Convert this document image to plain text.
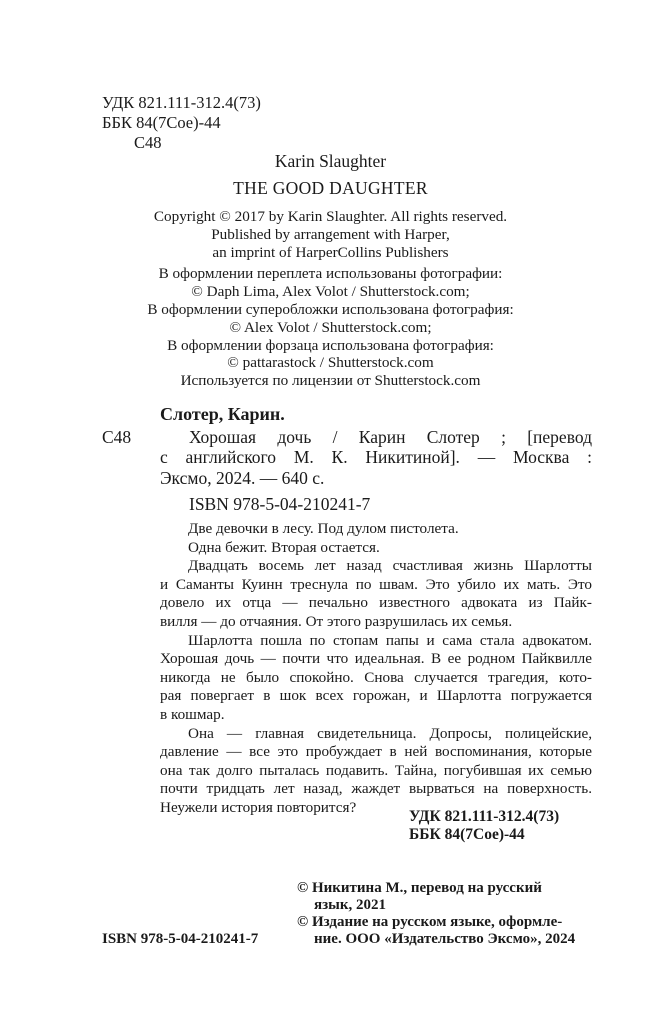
УДК 821.111-312.4(73)
ББК 84(7Сое)-44
С48
Karin Slaughter
THE GOOD DAUGHTER
Copyright © 2017 by Karin Slaughter. All rights reserved.
Published by arrangement with Harper,
an imprint of HarperCollins Publishers
В оформлении переплета использованы фотографии:
© Daph Lima, Alex Volot / Shutterstock.com;
В оформлении суперобложки использована фотография:
© Alex Volot / Shutterstock.com;
В оформлении форзаца использована фотография:
© pattarastock / Shutterstock.com
Используется по лицензии от Shutterstock.com
Слотер, Карин.
С48	Хорошая дочь / Карин Слотер ; [перевод
с английского М. К. Никитиной]. — Москва :
Эксмо, 2024. — 640 с.
ISBN 978-5-04-210241-7

Две девочки в лесу. Под дулом пистолета.

Одна бежит. Вторая остается.

Двадцать восемь лет назад счастливая жизнь Шарлотты

и Саманты Куинн треснула по швам. Это убило их мать. Это

довело их отца — печально известного адвоката из Пайк-

вилля — до отчаяния. От этого разрушилась их семья.

Шарлотта пошла по стопам папы и сама стала адвокатом.

Хорошая дочь — почти что идеальная. В ее родном Пайквилле

никогда не было спокойно. Снова случается трагедия, кото-

рая повергает в шок всех горожан, и Шарлотта погружается

в кошмар.

Она — главная свидетельница. Допросы, полицейские,

давление — все это пробуждает в ней воспоминания, которые

она так долго пыталась подавить. Тайна, погубившая их семью

почти тридцать лет назад, жаждет вырваться на поверхность.

Неужели история повторится?

УДК 821.111-312.4(73)
ББК 84(7Сое)-44
© Никитина М., перевод на русский
язык, 2021
© Издание на русском языке, оформле-
ние. ООО «Издательство Эксмо», 2024
ISBN 978-5-04-210241-7
